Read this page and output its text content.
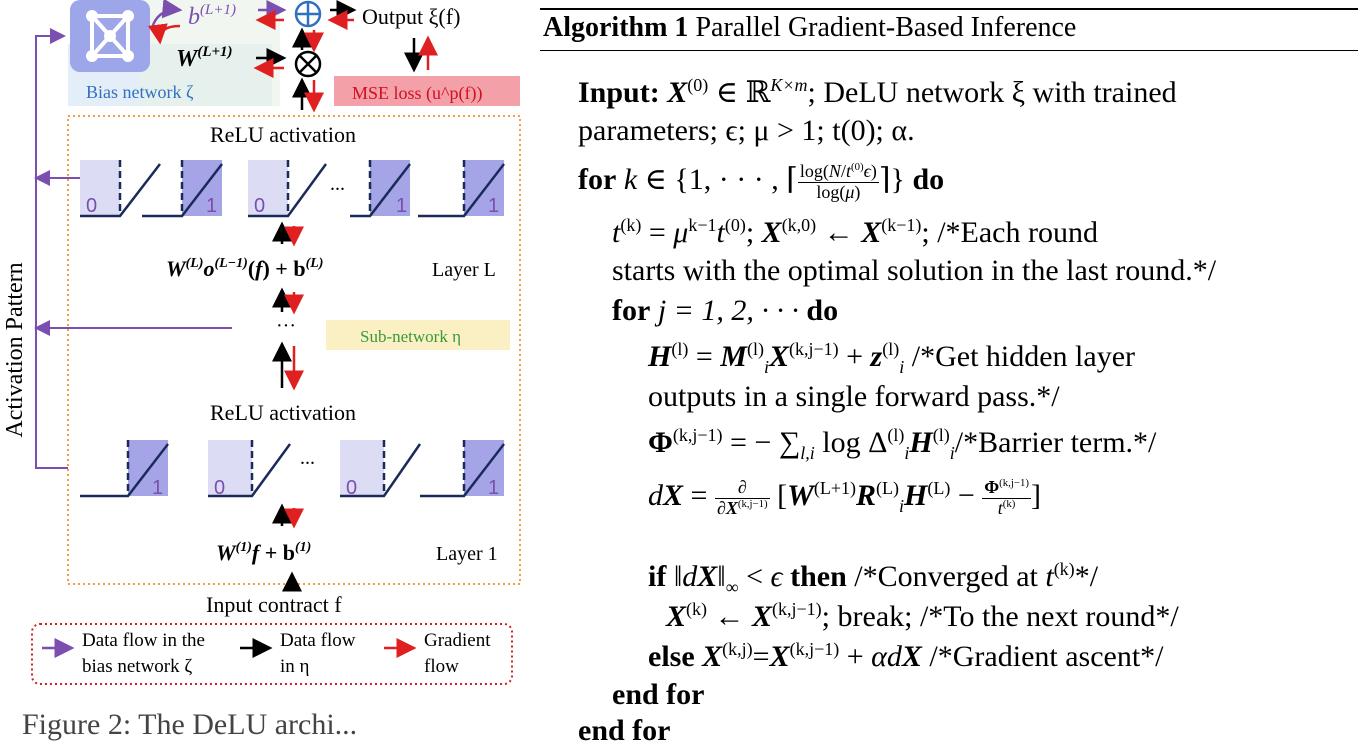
Bias network ζ
$b^{(L+1)}$	Output ξ(f)
$W^{(L+1)}$
MSE loss (u^p(f))
Activation Pattern
ReLU activation
ReLU activation
0	1 0
...
1	1
$W^{(L)}o^{(L-1)}(f) + b^{(L)}$	Layer L
···	Sub-network η
1	0
...
0	1
$W^{(1)}f + b^{(1)}$	Layer 1
Input contract f
Data flow in the
bias network ζ
Data flow
in η
Gradient
flow
Figure 2: The DeLU archi...
Algorithm 1 Parallel Gradient-Based Inference
Input: $X^{(0)}$ ∈ ℝ$^{K\times m}$; DeLU network ξ with trained
parameters; ϵ; μ > 1; t(0); α.
for k ∈ {1, · · · , ⌈ $\frac{\log(N/t^{(0)}\epsilon)}{\log(\mu)}$ ⌉} do
$t^{(k)} = \mu^{k-1}t^{(0)}$; X$^{(k,0)}$ ← $X^{(k-1)}$; /*Each round
starts with the optimal solution in the last round.*/
for j = 1, 2, · · · do
$H^{(l)} = M^{(l)}_iX^{(k,j-1)} + z^{(l)}_i$ /*Get hidden layer
outputs in a single forward pass.*/
$\Phi^{(k,j-1)}$ = − $\sum_{l,i}$ $\log \Delta^{(l)}_iH^{(l)}_i/*Barrier$ term.*/
dX = $\frac{\partial}{\partial X^{(k,j-1)}} [W^{(L+1)}R^{(L)}_iH^{(L)} - \frac{\Phi^{(k,j-1)}}{t^{(k)}}$ ]
if $‖dX‖_\infty < \epsilon$ then /*Converged at $t^{(k)}*/$
$X^{(k)}$ ← $X^{(k,j-1)}$; break; /*To the next round*/
else $X^{(k,j)}=X^{(k,j-1)} + \alpha dX$ /*Gradient ascent*/
end for
end for
